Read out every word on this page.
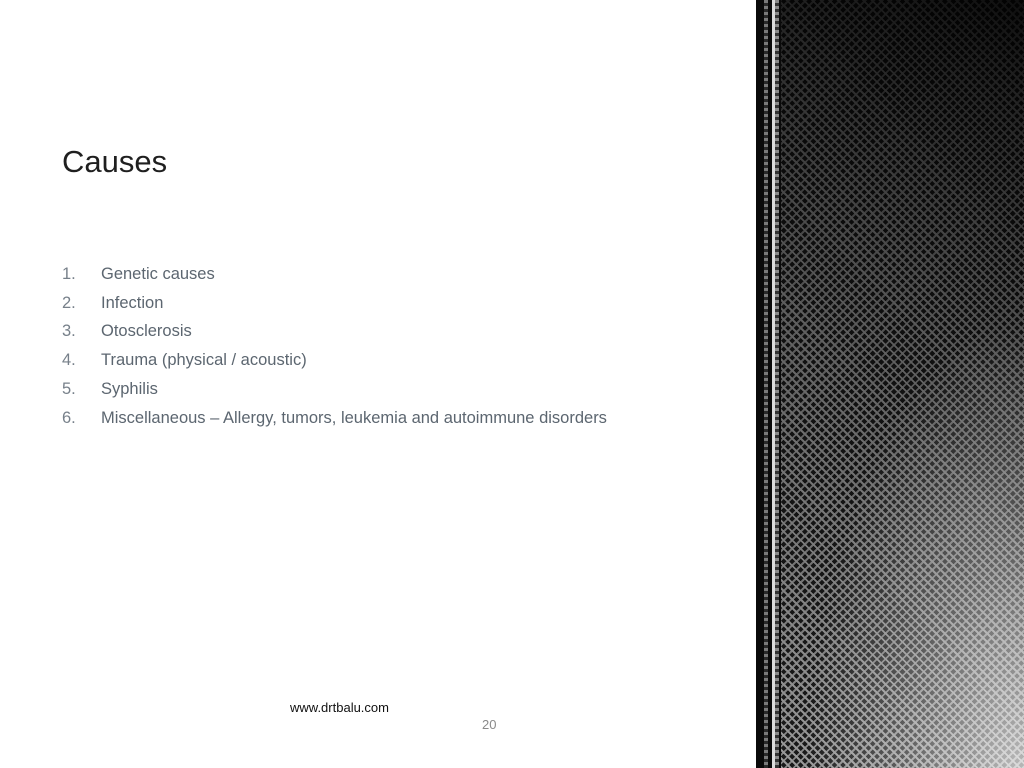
Causes
1.	Genetic causes
2.	Infection
3.	Otosclerosis
4.	Trauma (physical / acoustic)
5.	Syphilis
6.	Miscellaneous – Allergy, tumors, leukemia and autoimmune disorders
www.drtbalu.com
20
